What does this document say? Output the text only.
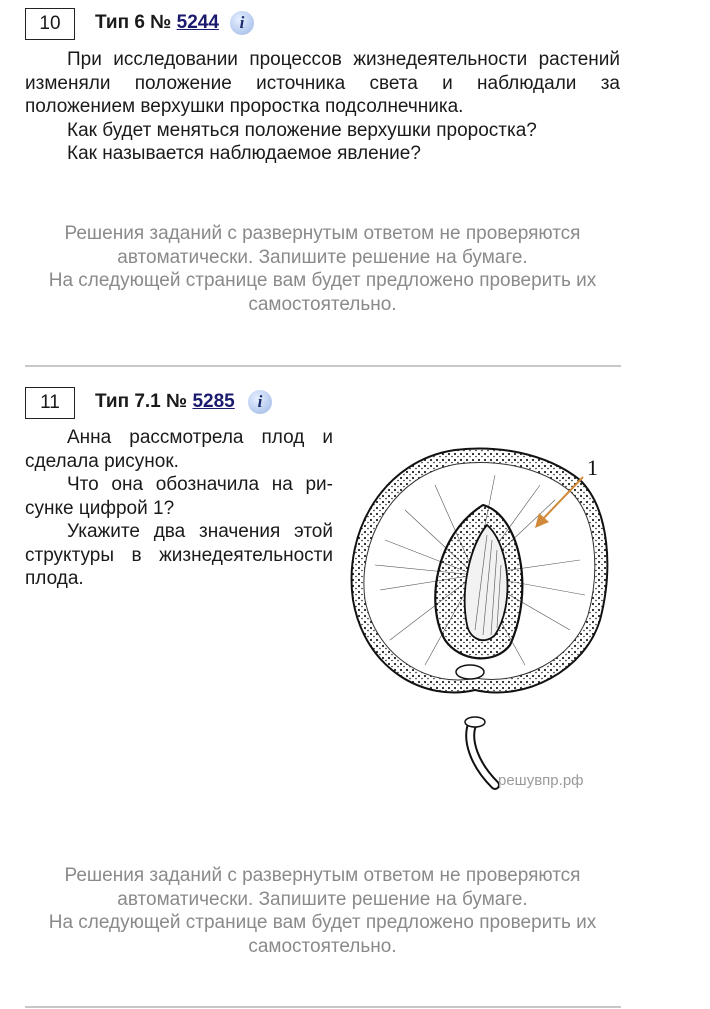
10	Тип 6 № 5244	i

При исследовании процессов жизнедеятельности растений изменяли положение источника света и наблюдали за положением верхушки проростка подсолнечника.

Как будет меняться положение верхушки проростка?

Как называется наблюдаемое явление?

Решения заданий с развернутым ответом не проверяются автоматически. Запишите решение на бумаге.

На следующей странице вам будет предложено проверить их самостоятельно.

11	Тип 7.1 № 5285	i

Анна рассмотрела плод и сделала рисунок.

Что она обозначила на рисунке цифрой 1?

Укажите два значения этой структуры в жизнедеятельности плода.

1
решувпр.рф

Решения заданий с развернутым ответом не проверяются автоматически. Запишите решение на бумаге.

На следующей странице вам будет предложено проверить их самостоятельно.
